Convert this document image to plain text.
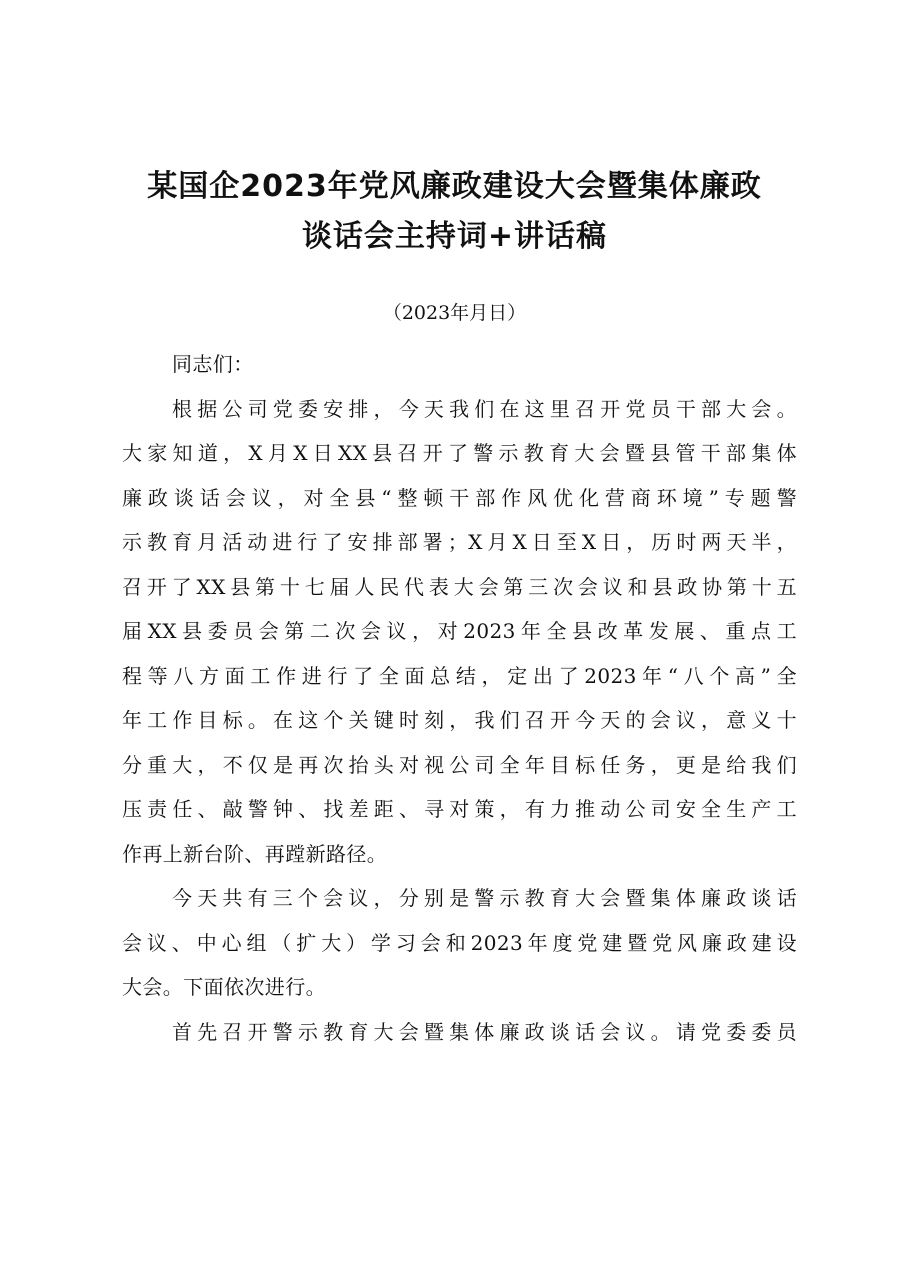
某国企2023年党风廉政建设大会暨集体廉政
谈话会主持词+讲话稿

（2023年月日）

同志们：

根据公司党委安排，今天我们在这里召开党员干部大会。
大家知道，X月X日XX县召开了警示教育大会暨县管干部集体
廉政谈话会议，对全县“整顿干部作风优化营商环境”专题警
示教育月活动进行了安排部署；X月X日至X日，历时两天半，
召开了XX县第十七届人民代表大会第三次会议和县政协第十五
届XX县委员会第二次会议，对2023年全县改革发展、重点工
程等八方面工作进行了全面总结，定出了2023年“八个高”全
年工作目标。在这个关键时刻，我们召开今天的会议，意义十
分重大，不仅是再次抬头对视公司全年目标任务，更是给我们
压责任、敲警钟、找差距、寻对策，有力推动公司安全生产工
作再上新台阶、再蹚新路径。
今天共有三个会议，分别是警示教育大会暨集体廉政谈话
会议、中心组（扩大）学习会和2023年度党建暨党风廉政建设
大会。下面依次进行。
首先召开警示教育大会暨集体廉政谈话会议。请党委委员
